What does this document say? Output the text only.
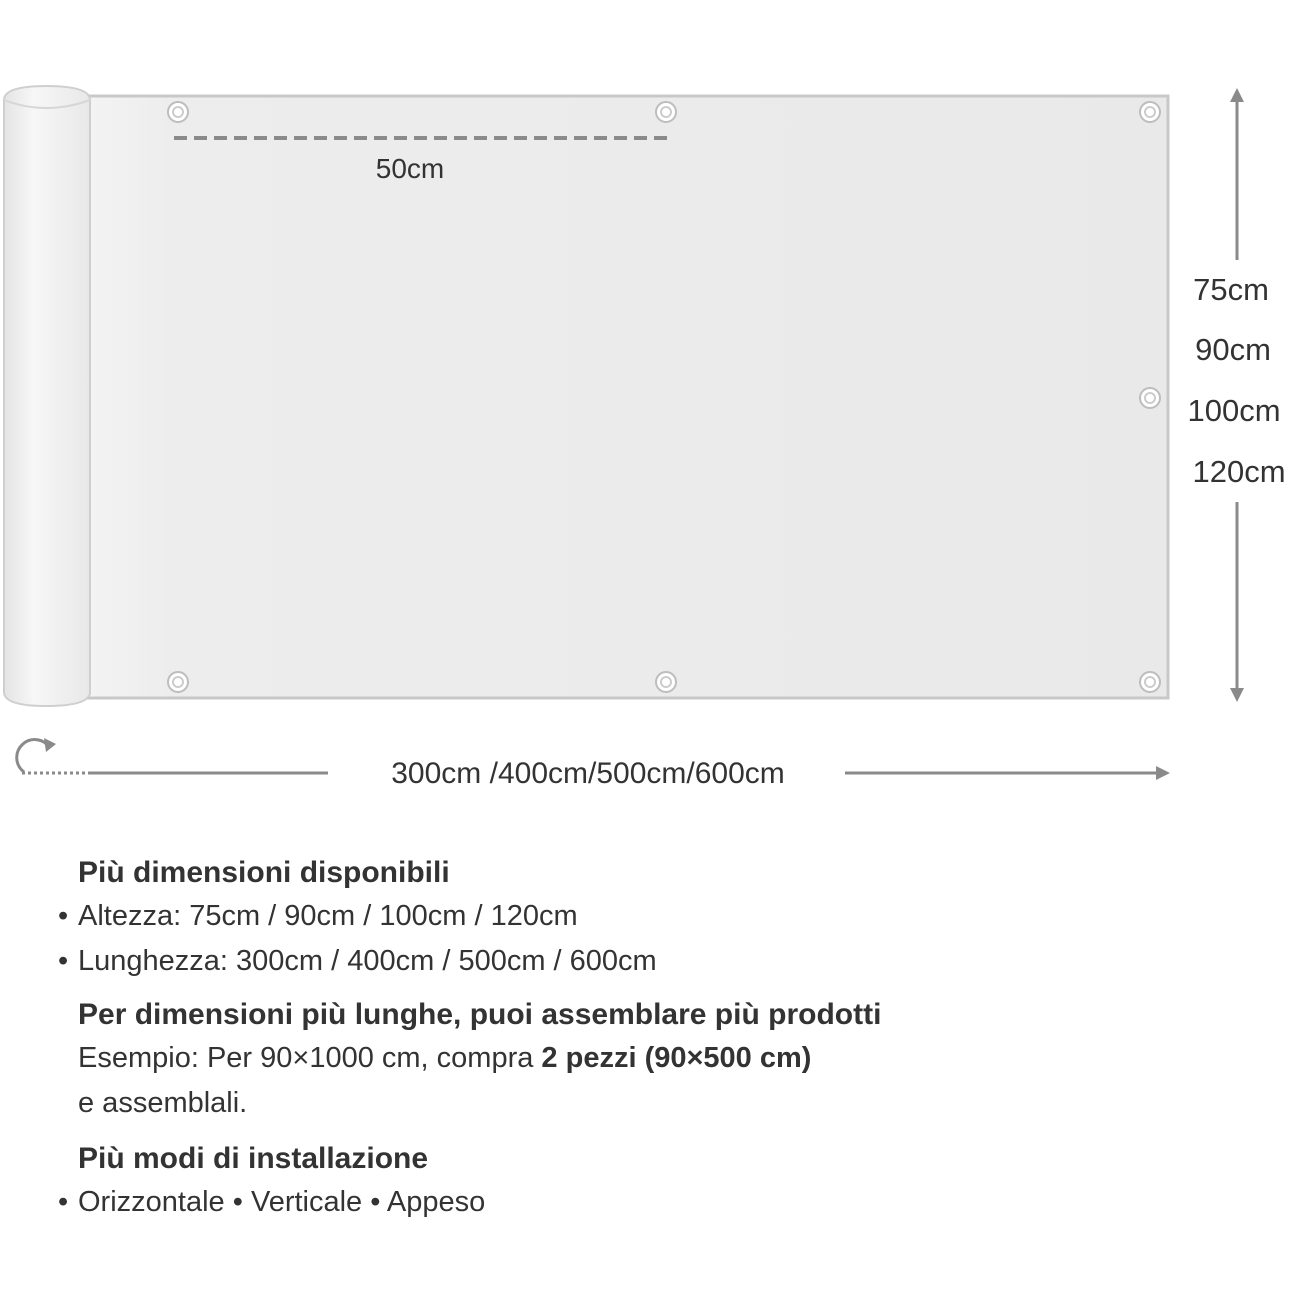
50cm
75cm
90cm
100cm
120cm
300cm /400cm/500cm/600cm

Più dimensioni disponibili

• Altezza: 75cm / 90cm / 100cm / 120cm

• Lunghezza: 300cm / 400cm / 500cm / 600cm

Per dimensioni più lunghe, puoi assemblare più prodotti

Esempio: Per 90×1000 cm, compra 2 pezzi (90×500 cm)

e assemblali.

Più modi di installazione

• Orizzontale • Verticale • Appeso
